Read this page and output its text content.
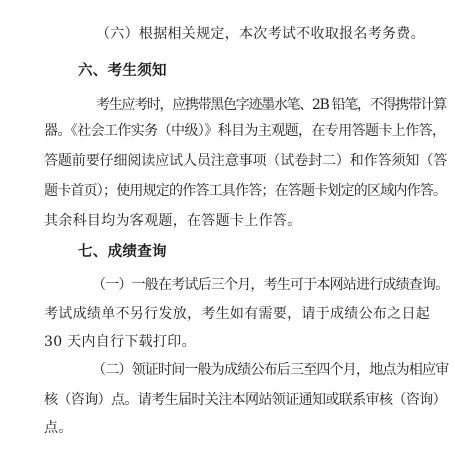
（六）根据相关规定，本次考试不收取报名考务费。
六、考生须知
考生应考时，应携带黑色字迹墨水笔、2B 铅笔，不得携带计算
器。《社会工作实务（中级）》科目为主观题，在专用答题卡上作答，
答题前要仔细阅读应试人员注意事项（试卷封二）和作答须知（答
题卡首页）；使用规定的作答工具作答；在答题卡划定的区域内作答。
其余科目均为客观题，在答题卡上作答。
七、成绩查询
（一）一般在考试后三个月，考生可于本网站进行成绩查询。
考试成绩单不另行发放，考生如有需要，请于成绩公布之日起
30 天内自行下载打印。
（二）领证时间一般为成绩公布后三至四个月，地点为相应审
核（咨询）点。请考生届时关注本网站领证通知或联系审核（咨询）
点。
